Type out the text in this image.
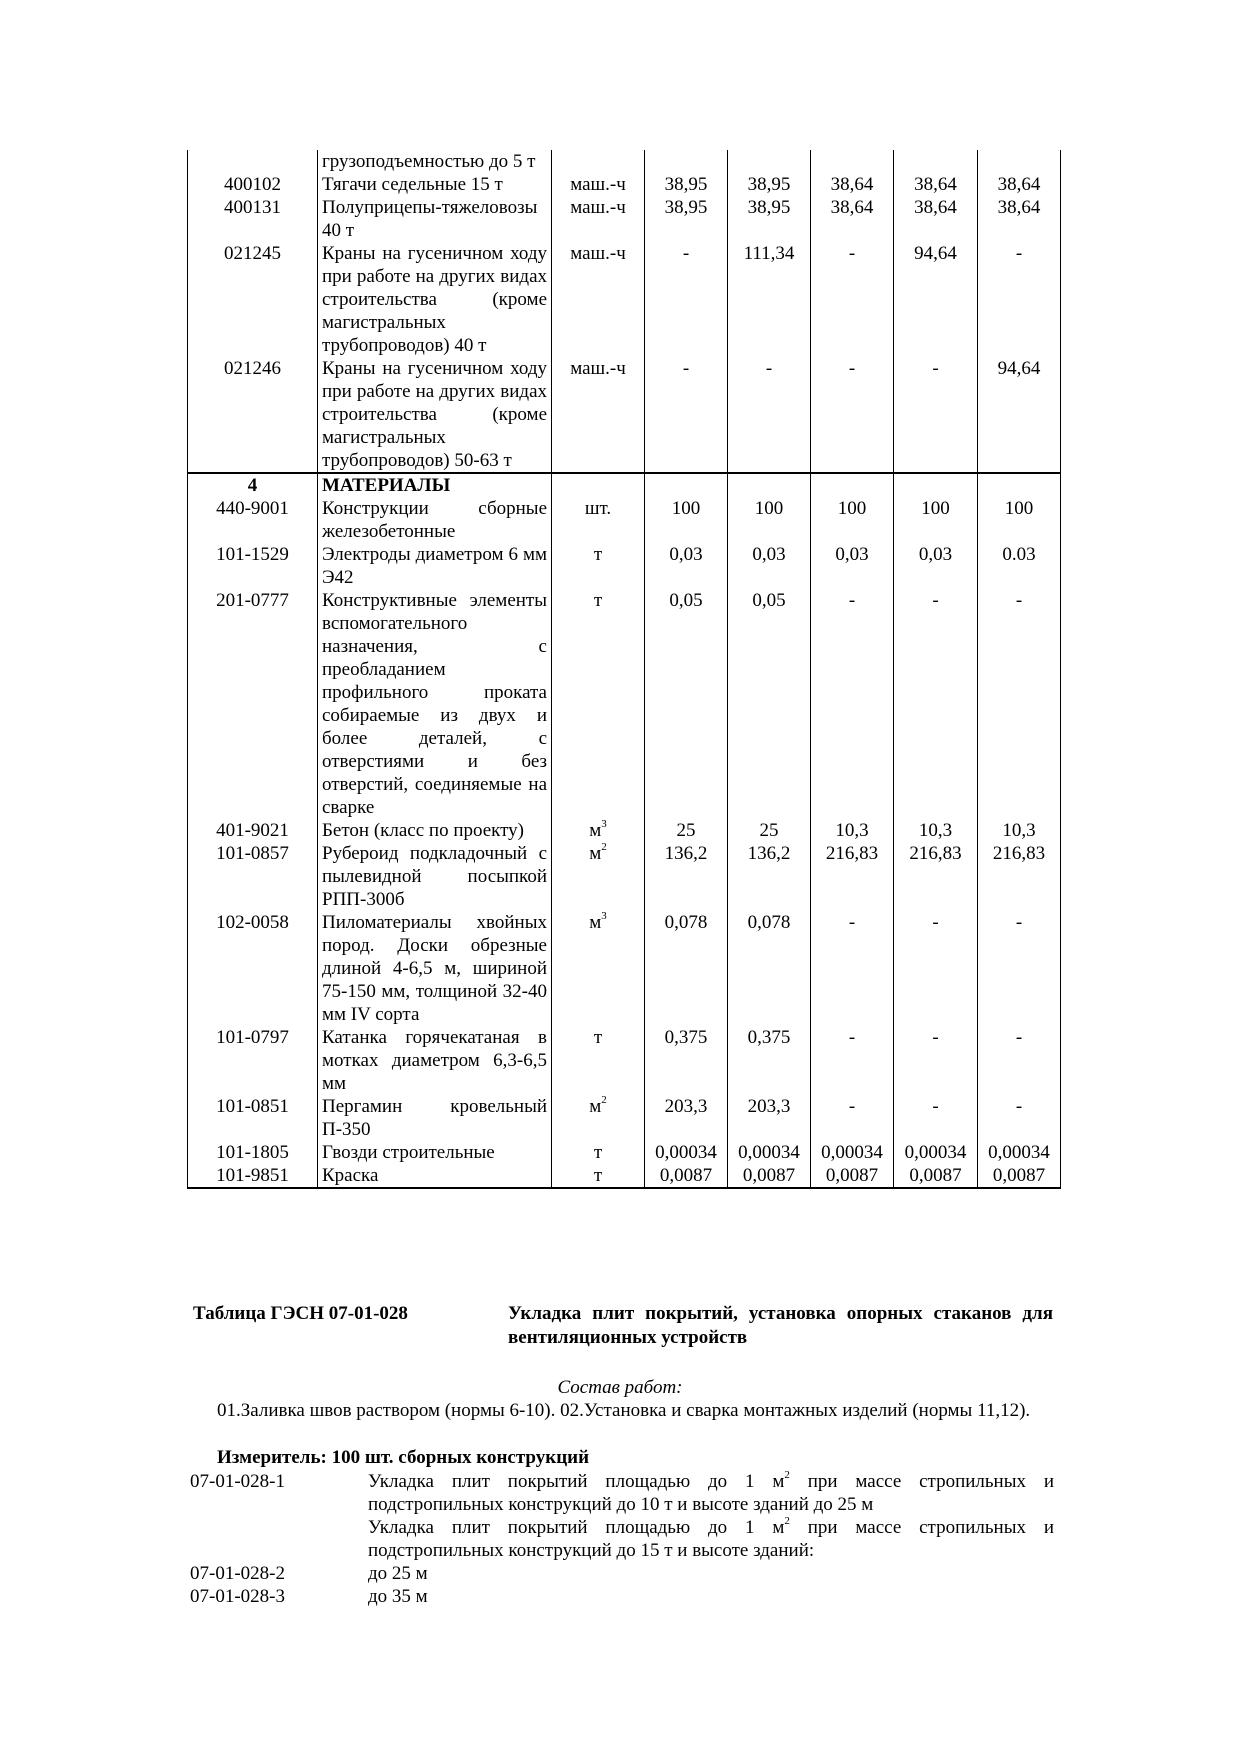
	грузоподъемностью до 5 т						
400102	Тягачи седельные 15 т	маш.-ч	38,95	38,95	38,64	38,64	38,64
400131	Полуприцепы-тяжеловозы 40 т	маш.-ч	38,95	38,95	38,64	38,64	38,64
021245	Краны на гусеничном ходу при работе на других видах строительства (кроме магистральных трубопроводов) 40 т	маш.-ч	-	111,34	-	94,64	-
021246	Краны на гусеничном ходу при работе на других видах строительства (кроме магистральных трубопроводов) 50-63 т	маш.-ч	-	-	-	-	94,64
4	МАТЕРИАЛЫ						
440-9001	Конструкции сборные железобетонные	шт.	100	100	100	100	100
101-1529	Электроды диаметром 6 мм Э42	т	0,03	0,03	0,03	0,03	0.03
201-0777	Конструктивные элементы вспомогательного назначения, с преобладанием профильного проката собираемые из двух и более деталей, с отверстиями и без отверстий, соединяемые на сварке	т	0,05	0,05	-	-	-
401-9021	Бетон (класс по проекту)	$м^3$	25	25	10,3	10,3	10,3
101-0857	Рубероид подкладочный с пылевидной посыпкой РПП-300б	$м^2$	136,2	136,2	216,83	216,83	216,83
102-0058	Пиломатериалы хвойных пород. Доски обрезные длиной 4-6,5 м, шириной 75-150 мм, толщиной 32-40 мм IV сорта	$м^3$	0,078	0,078	-	-	-
101-0797	Катанка горячекатаная в мотках диаметром 6,3-6,5 мм	т	0,375	0,375	-	-	-
101-0851	Пергамин кровельный П-350	$м^2$	203,3	203,3	-	-	-
101-1805	Гвозди строительные	т	0,00034	0,00034	0,00034	0,00034	0,00034
101-9851	Краска	т	0,0087	0,0087	0,0087	0,0087	0,0087
Таблица ГЭСН 07-01-028	Укладка плит покрытий, установка опорных стаканов для вентиляционных устройств
Состав работ:
01.Заливка швов раствором (нормы 6-10). 02.Установка и сварка монтажных изделий (нормы 11,12).
Измеритель: 100 шт. сборных конструкций
07-01-028-1	Укладка плит покрытий площадью до 1 $м^2$ при массе стропильных и подстропильных конструкций до 10 т и высоте зданий до 25 м
Укладка плит покрытий площадью до 1 $м^2$ при массе стропильных и подстропильных конструкций до 15 т и высоте зданий:
07-01-028-2	до 25 м
07-01-028-3	до 35 м
